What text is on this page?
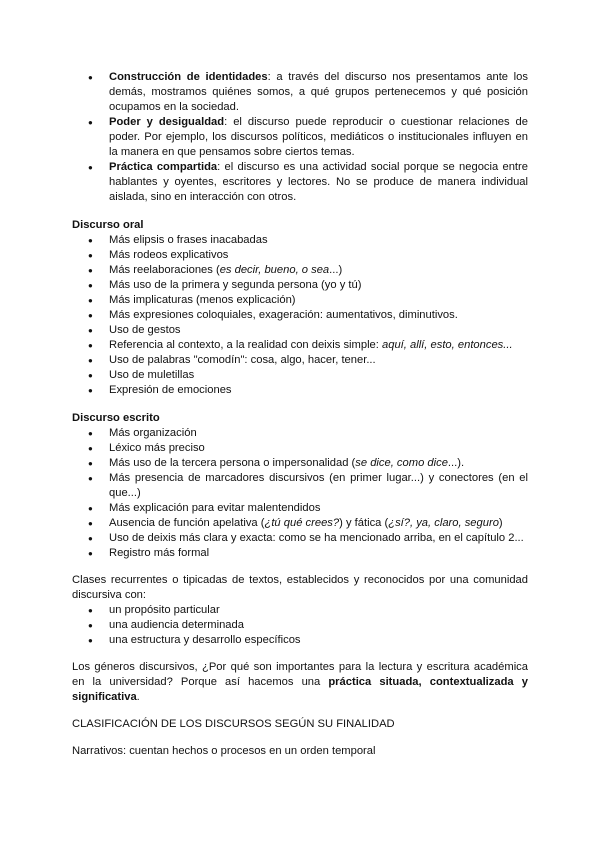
● Construcción de identidades: a través del discurso nos presentamos ante los demás, mostramos quiénes somos, a qué grupos pertenecemos y qué posición ocupamos en la sociedad.
● Poder y desigualdad: el discurso puede reproducir o cuestionar relaciones de poder. Por ejemplo, los discursos políticos, mediáticos o institucionales influyen en la manera en que pensamos sobre ciertos temas.
● Práctica compartida: el discurso es una actividad social porque se negocia entre hablantes y oyentes, escritores y lectores. No se produce de manera individual aislada, sino en interacción con otros.

Discurso oral

● Más elipsis o frases inacabadas
● Más rodeos explicativos
● Más reelaboraciones (es decir, bueno, o sea...)
● Más uso de la primera y segunda persona (yo y tú)
● Más implicaturas (menos explicación)
● Más expresiones coloquiales, exageración: aumentativos, diminutivos.
● Uso de gestos
● Referencia al contexto, a la realidad con deixis simple: aquí, allí, esto, entonces...
● Uso de palabras "comodín": cosa, algo, hacer, tener...
● Uso de muletillas
● Expresión de emociones

Discurso escrito

● Más organización
● Léxico más preciso
● Más uso de la tercera persona o impersonalidad (se dice, como dice...).
● Más presencia de marcadores discursivos (en primer lugar...) y conectores (en el que...)
● Más explicación para evitar malentendidos
● Ausencia de función apelativa (¿tú qué crees?) y fática (¿sí?, ya, claro, seguro)
● Uso de deixis más clara y exacta: como se ha mencionado arriba, en el capítulo 2...
● Registro más formal

Clases recurrentes o tipicadas de textos, establecidos y reconocidos por una comunidad discursiva con:

● un propósito particular
● una audiencia determinada
● una estructura y desarrollo específicos

Los géneros discursivos, ¿Por qué son importantes para la lectura y escritura académica en la universidad? Porque así hacemos una práctica situada, contextualizada y significativa.

CLASIFICACIÓN DE LOS DISCURSOS SEGÚN SU FINALIDAD

Narrativos: cuentan hechos o procesos en un orden temporal
